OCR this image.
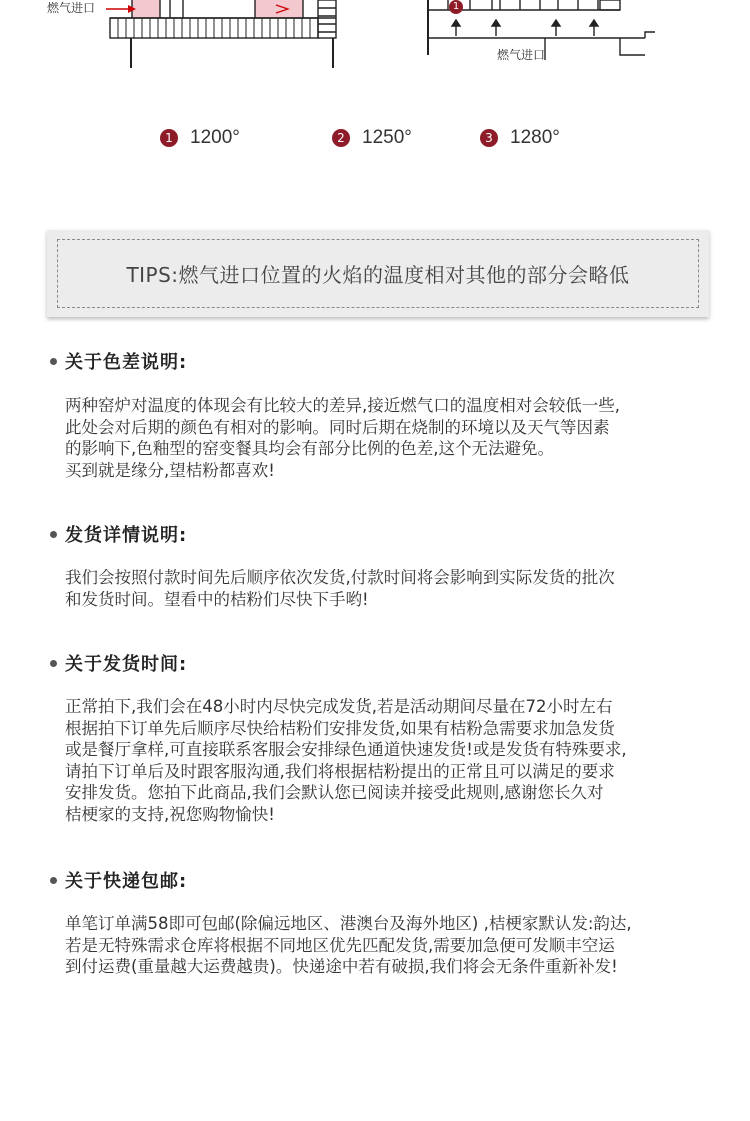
燃气进口
燃气进口
1
1 1200°	2 1250°	3 1280°
TIPS:燃气进口位置的火焰的温度相对其他的部分会略低
关于色差说明:

两种窑炉对温度的体现会有比较大的差异,接近燃气口的温度相对会较低一些,

此处会对后期的颜色有相对的影响。同时后期在烧制的环境以及天气等因素

的影响下,色釉型的窑变餐具均会有部分比例的色差,这个无法避免。

买到就是缘分,望桔粉都喜欢!

发货详情说明:

我们会按照付款时间先后顺序依次发货,付款时间将会影响到实际发货的批次

和发货时间。望看中的桔粉们尽快下手哟!

关于发货时间:

正常拍下,我们会在48小时内尽快完成发货,若是活动期间尽量在72小时左右

根据拍下订单先后顺序尽快给桔粉们安排发货,如果有桔粉急需要求加急发货

或是餐厅拿样,可直接联系客服会安排绿色通道快速发货!或是发货有特殊要求,

请拍下订单后及时跟客服沟通,我们将根据桔粉提出的正常且可以满足的要求

安排发货。您拍下此商品,我们会默认您已阅读并接受此规则,感谢您长久对

桔梗家的支持,祝您购物愉快!

关于快递包邮:

单笔订单满58即可包邮(除偏远地区、港澳台及海外地区) ,桔梗家默认发:韵达,

若是无特殊需求仓库将根据不同地区优先匹配发货,需要加急便可发顺丰空运

到付运费(重量越大运费越贵)。快递途中若有破损,我们将会无条件重新补发!
